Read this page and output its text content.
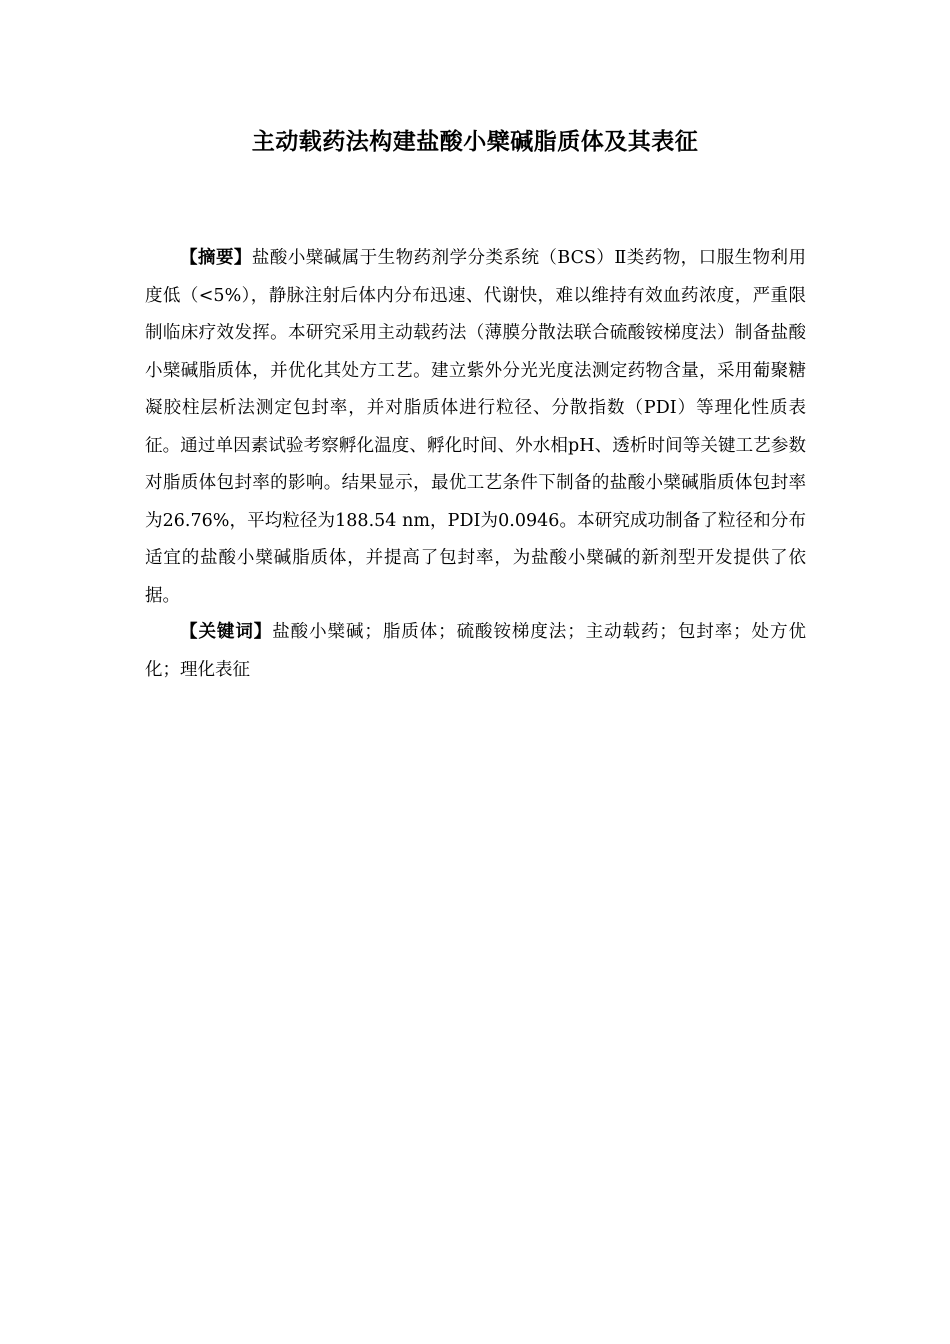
主动载药法构建盐酸小檗碱脂质体及其表征

【摘要】盐酸小檗碱属于生物药剂学分类系统（BCS）Ⅱ类药物，口服生物利用度低（<5%），静脉注射后体内分布迅速、代谢快，难以维持有效血药浓度，严重限制临床疗效发挥。本研究采用主动载药法（薄膜分散法联合硫酸铵梯度法）制备盐酸小檗碱脂质体，并优化其处方工艺。建立紫外分光光度法测定药物含量，采用葡聚糖凝胶柱层析法测定包封率，并对脂质体进行粒径、分散指数（PDI）等理化性质表征。通过单因素试验考察孵化温度、孵化时间、外水相pH、透析时间等关键工艺参数对脂质体包封率的影响。结果显示，最优工艺条件下制备的盐酸小檗碱脂质体包封率为26.76%，平均粒径为188.54 nm，PDI为0.0946。本研究成功制备了粒径和分布适宜的盐酸小檗碱脂质体，并提高了包封率，为盐酸小檗碱的新剂型开发提供了依据。

【关键词】盐酸小檗碱；脂质体；硫酸铵梯度法；主动载药；包封率；处方优化；理化表征
